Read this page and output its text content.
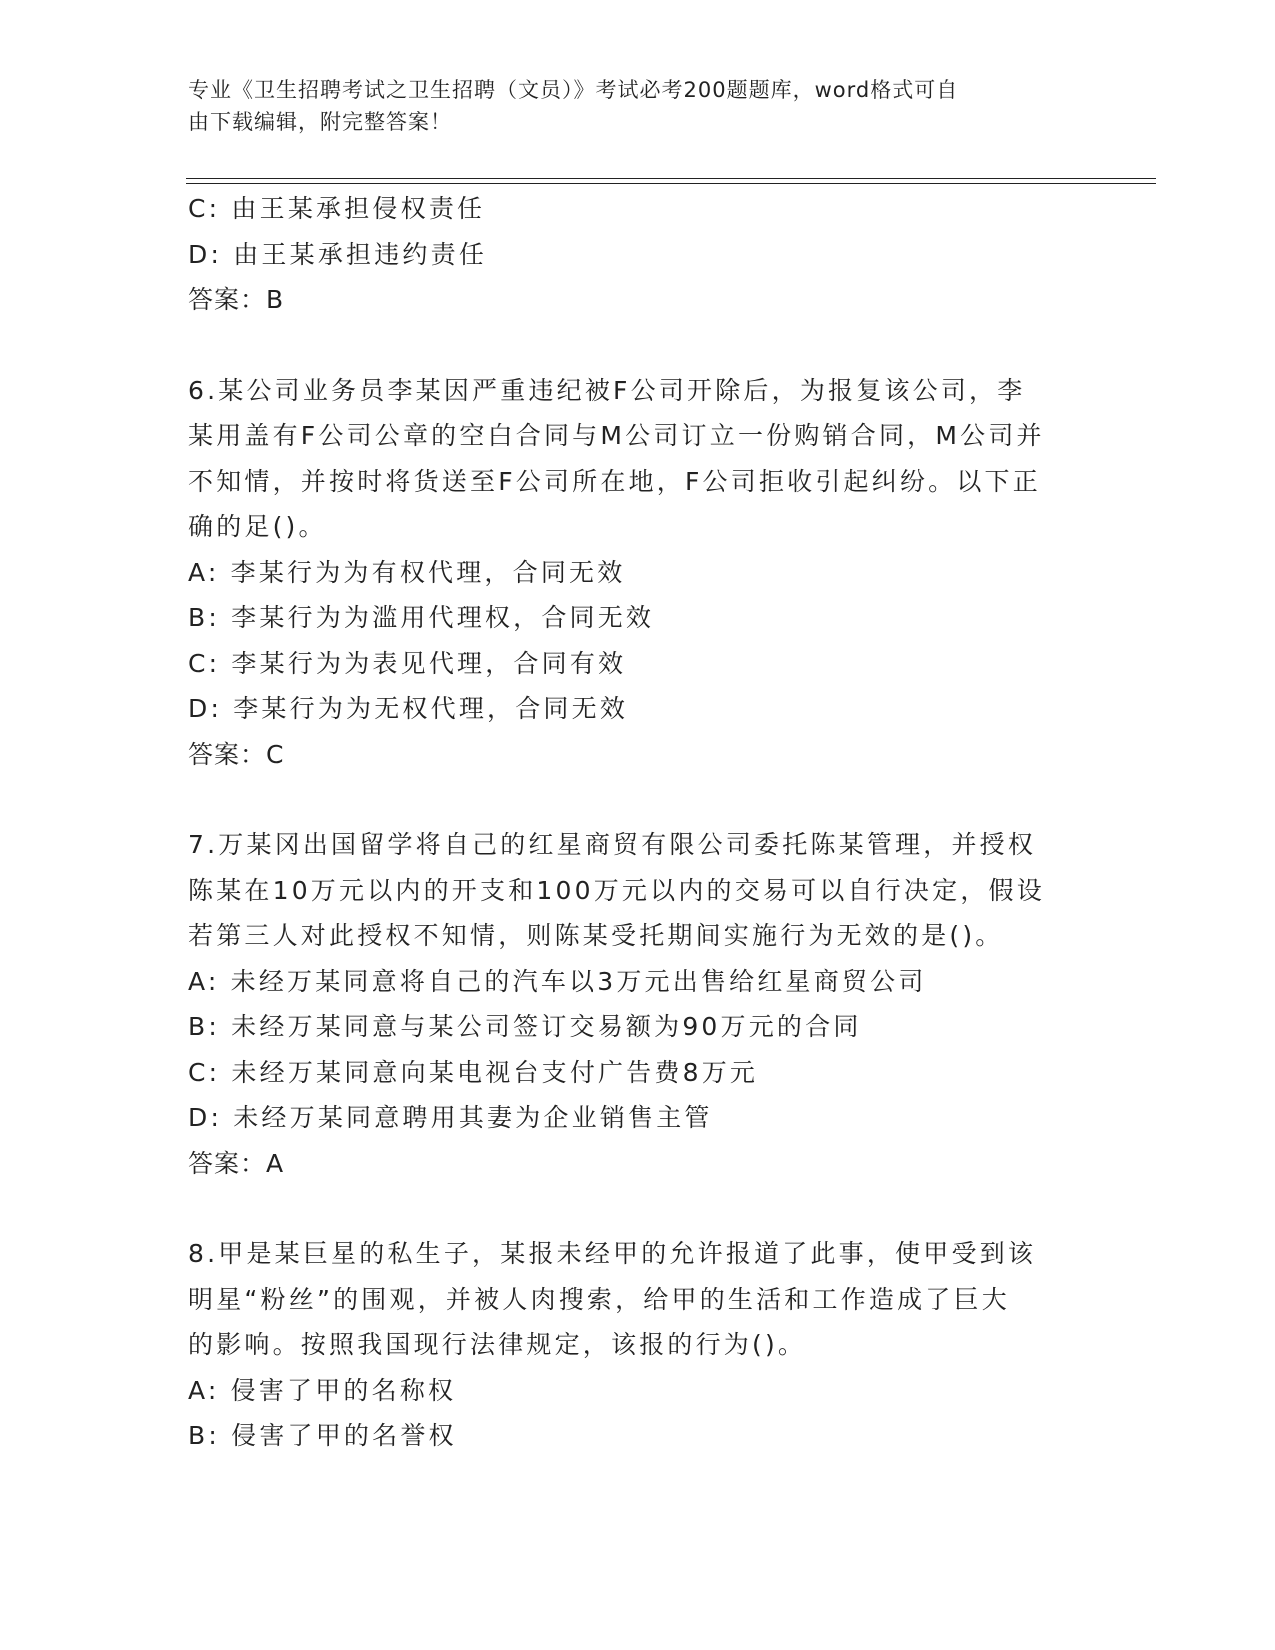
专业《卫生招聘考试之卫生招聘（文员）》考试必考200题题库，word格式可自
由下载编辑，附完整答案！
C: 由王某承担侵权责任
D: 由王某承担违约责任
答案：B
6.某公司业务员李某因严重违纪被F公司开除后，为报复该公司，李
某用盖有F公司公章的空白合同与M公司订立一份购销合同，M公司并
不知情，并按时将货送至F公司所在地，F公司拒收引起纠纷。以下正
确的足()。
A: 李某行为为有权代理，合同无效
B: 李某行为为滥用代理权，合同无效
C: 李某行为为表见代理，合同有效
D: 李某行为为无权代理，合同无效
答案：C
7.万某冈出国留学将自己的红星商贸有限公司委托陈某管理，并授权
陈某在10万元以内的开支和100万元以内的交易可以自行决定，假设
若第三人对此授权不知情，则陈某受托期间实施行为无效的是()。
A: 未经万某同意将自己的汽车以3万元出售给红星商贸公司
B: 未经万某同意与某公司签订交易额为90万元的合同
C: 未经万某同意向某电视台支付广告费8万元
D: 未经万某同意聘用其妻为企业销售主管
答案：A
8.甲是某巨星的私生子，某报未经甲的允许报道了此事，使甲受到该
明星“粉丝”的围观，并被人肉搜索，给甲的生活和工作造成了巨大
的影响。按照我国现行法律规定，该报的行为()。
A: 侵害了甲的名称权
B: 侵害了甲的名誉权
